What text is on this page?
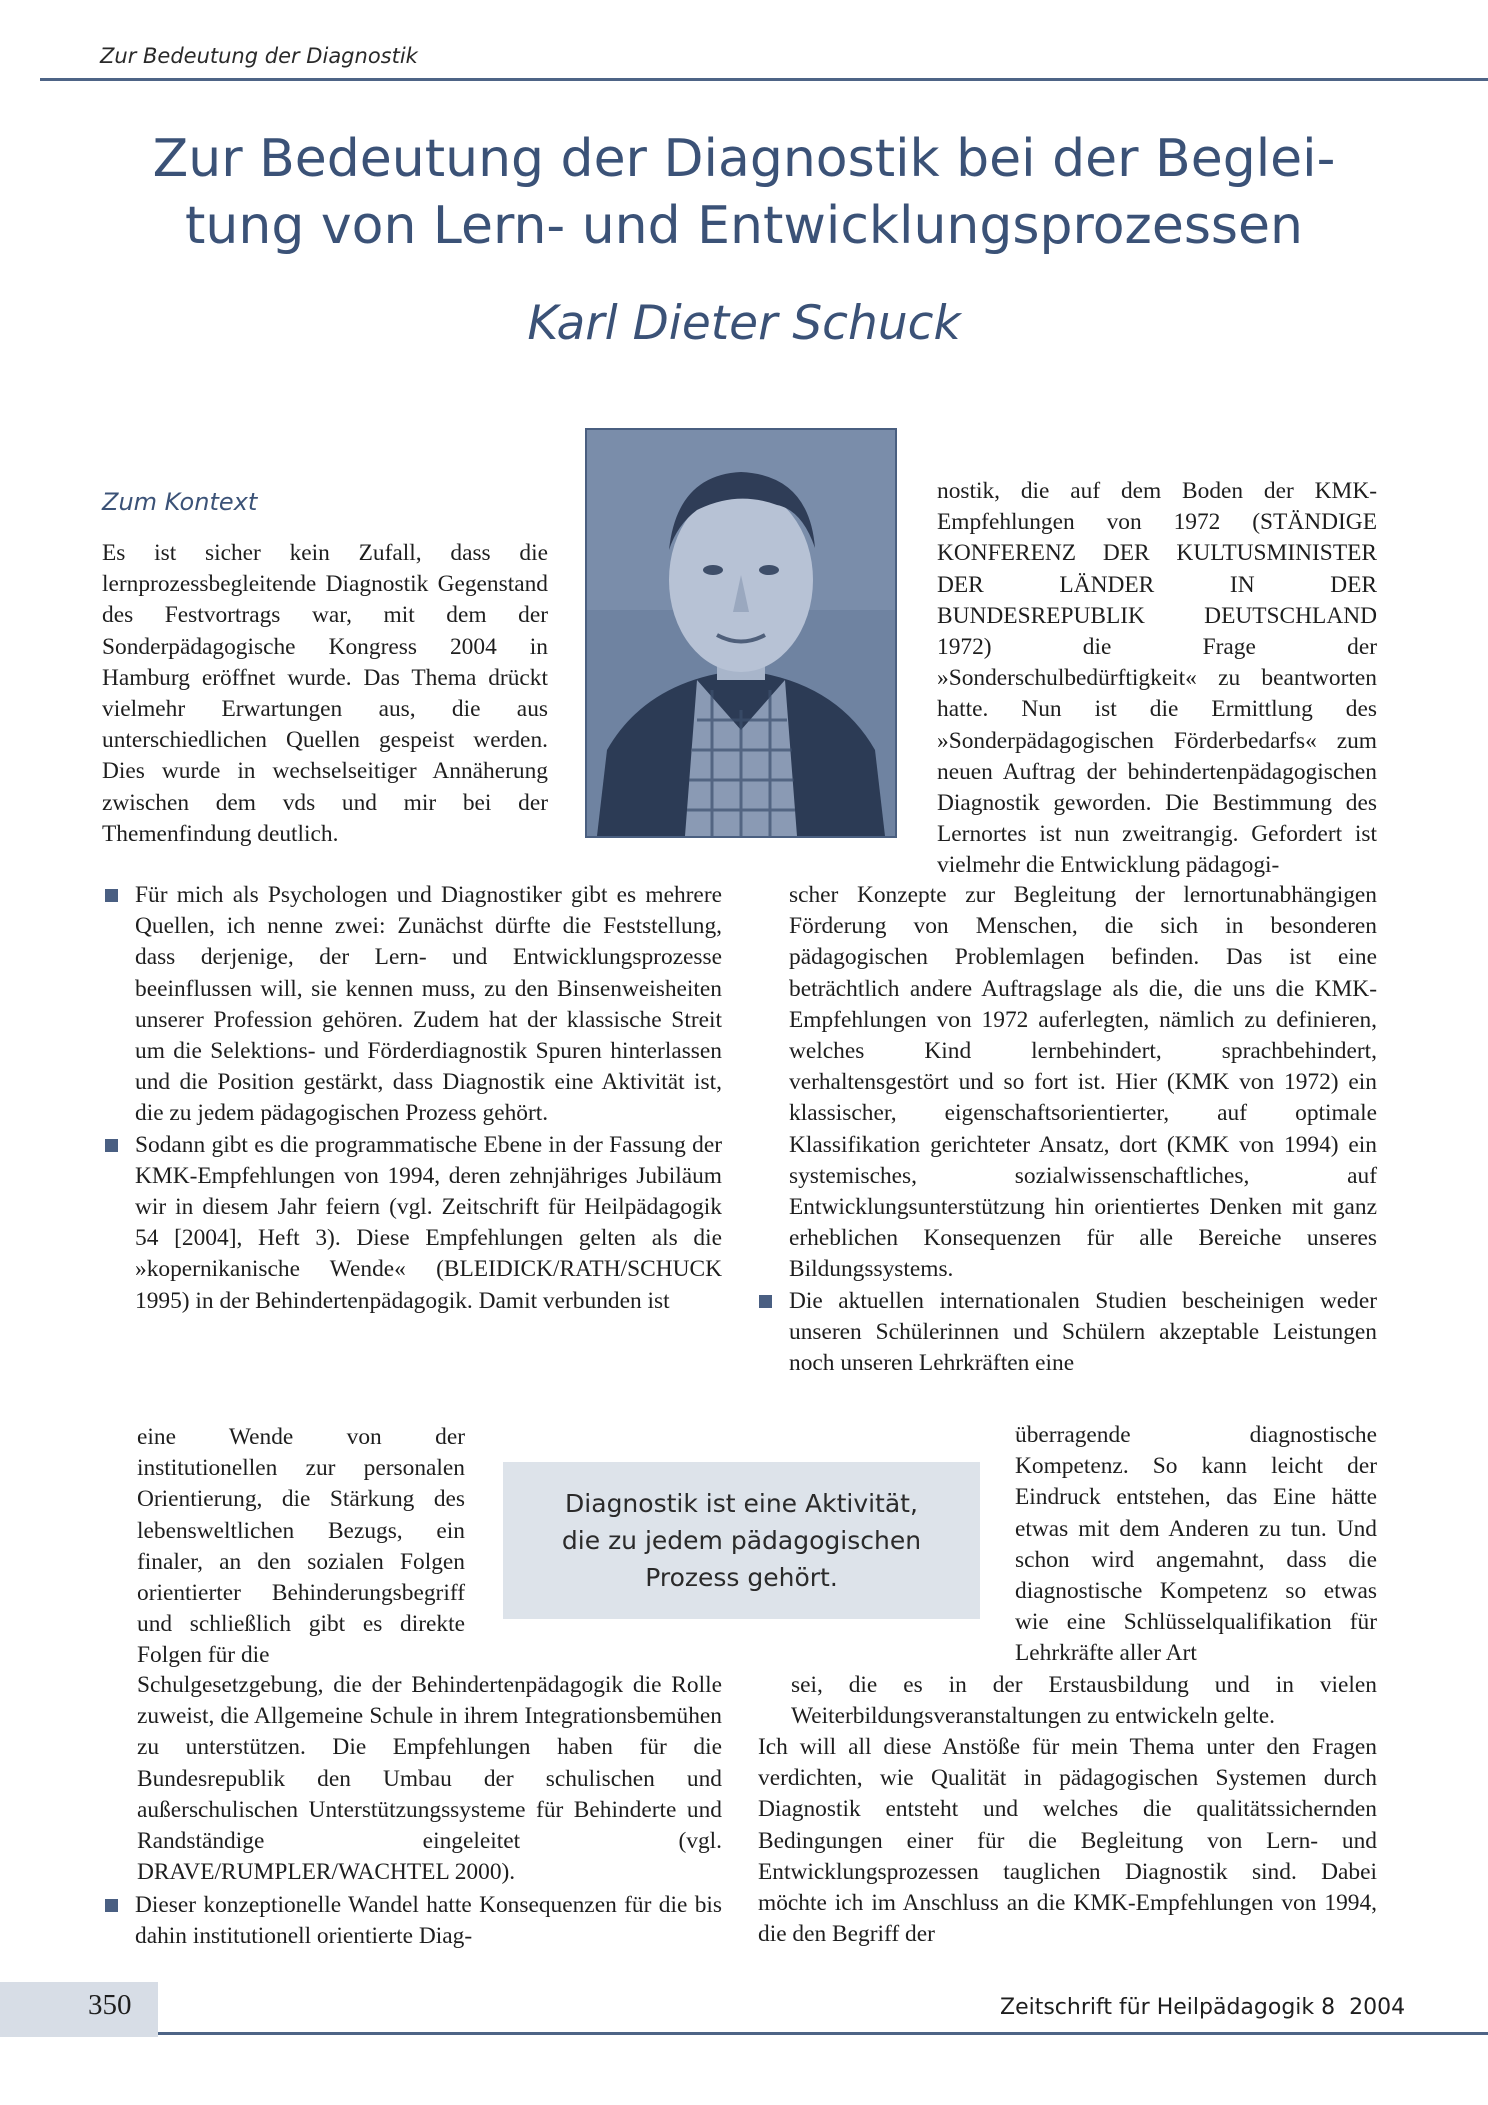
Zur Bedeutung der Diagnostik
Zur Bedeutung der Diagnostik bei der Beglei-
tung von Lern- und Entwicklungsprozessen
Karl Dieter Schuck
Zum Kontext

Es ist sicher kein Zufall, dass die lernprozessbegleitende Diagnostik Gegenstand des Festvortrags war, mit dem der Sonderpädagogische Kongress 2004 in Hamburg eröffnet wurde. Das Thema drückt vielmehr Erwartungen aus, die aus unterschiedlichen Quellen gespeist werden. Dies wurde in wechselseitiger Annäherung zwischen dem vds und mir bei der Themenfindung deutlich.

Für mich als Psychologen und Diagnostiker gibt es mehrere Quellen, ich nenne zwei: Zunächst dürfte die Feststellung, dass derjenige, der Lern- und Entwicklungsprozesse beeinflussen will, sie kennen muss, zu den Binsenweisheiten unserer Profession gehören. Zudem hat der klassische Streit um die Selektions- und Förderdiagnostik Spuren hinterlassen und die Position gestärkt, dass Diagnostik eine Aktivität ist, die zu jedem pädagogischen Prozess gehört.

Sodann gibt es die programmatische Ebene in der Fassung der KMK-Empfehlungen von 1994, deren zehnjähriges Jubiläum wir in diesem Jahr feiern (vgl. Zeitschrift für Heilpädagogik 54 [2004], Heft 3). Diese Empfehlungen gelten als die »kopernikanische Wende« (BLEIDICK/RATH/SCHUCK 1995) in der Behindertenpädagogik. Damit verbunden ist

eine Wende von der institutionellen zur personalen Orientierung, die Stärkung des lebensweltlichen Bezugs, ein finaler, an den sozialen Folgen orientierter Behinderungsbegriff und schließlich gibt es direkte Folgen für die

Diagnostik ist eine Aktivität,
die zu jedem pädagogischen
Prozess gehört.

Schulgesetzgebung, die der Behindertenpädagogik die Rolle zuweist, die Allgemeine Schule in ihrem Integrationsbemühen zu unterstützen. Die Empfehlungen haben für die Bundesrepublik den Umbau der schulischen und außerschulischen Unterstützungssysteme für Behinderte und Randständige eingeleitet (vgl. DRAVE/RUMPLER/WACHTEL 2000).

Dieser konzeptionelle Wandel hatte Konsequenzen für die bis dahin institutionell orientierte Diag-

nostik, die auf dem Boden der KMK-Empfehlungen von 1972 (STÄNDIGE KONFERENZ DER KULTUSMINISTER DER LÄNDER IN DER BUNDESREPUBLIK DEUTSCHLAND 1972) die Frage der »Sonderschulbedürftigkeit« zu beantworten hatte. Nun ist die Ermittlung des »Sonderpädagogischen Förderbedarfs« zum neuen Auftrag der behindertenpädagogischen Diagnostik geworden. Die Bestimmung des Lernortes ist nun zweitrangig. Gefordert ist vielmehr die Entwicklung pädagogi-

scher Konzepte zur Begleitung der lernortunabhängigen Förderung von Menschen, die sich in besonderen pädagogischen Problemlagen befinden. Das ist eine beträchtlich andere Auftragslage als die, die uns die KMK-Empfehlungen von 1972 auferlegten, nämlich zu definieren, welches Kind lernbehindert, sprachbehindert, verhaltensgestört und so fort ist. Hier (KMK von 1972) ein klassischer, eigenschaftsorientierter, auf optimale Klassifikation gerichteter Ansatz, dort (KMK von 1994) ein systemisches, sozialwissenschaftliches, auf Entwicklungsunterstützung hin orientiertes Denken mit ganz erheblichen Konsequenzen für alle Bereiche unseres Bildungssystems.

Die aktuellen internationalen Studien bescheinigen weder unseren Schülerinnen und Schülern akzeptable Leistungen noch unseren Lehrkräften eine

überragende diagnostische Kompetenz. So kann leicht der Eindruck entstehen, das Eine hätte etwas mit dem Anderen zu tun. Und schon wird angemahnt, dass die diagnostische Kompetenz so etwas wie eine Schlüsselqualifikation für Lehrkräfte aller Art

sei, die es in der Erstausbildung und in vielen Weiterbildungsveranstaltungen zu entwickeln gelte.

Ich will all diese Anstöße für mein Thema unter den Fragen verdichten, wie Qualität in pädagogischen Systemen durch Diagnostik entsteht und welches die qualitätssichernden Bedingungen einer für die Begleitung von Lern- und Entwicklungsprozessen tauglichen Diagnostik sind. Dabei möchte ich im Anschluss an die KMK-Empfehlungen von 1994, die den Begriff der

350	Zeitschrift für Heilpädagogik 8  2004
